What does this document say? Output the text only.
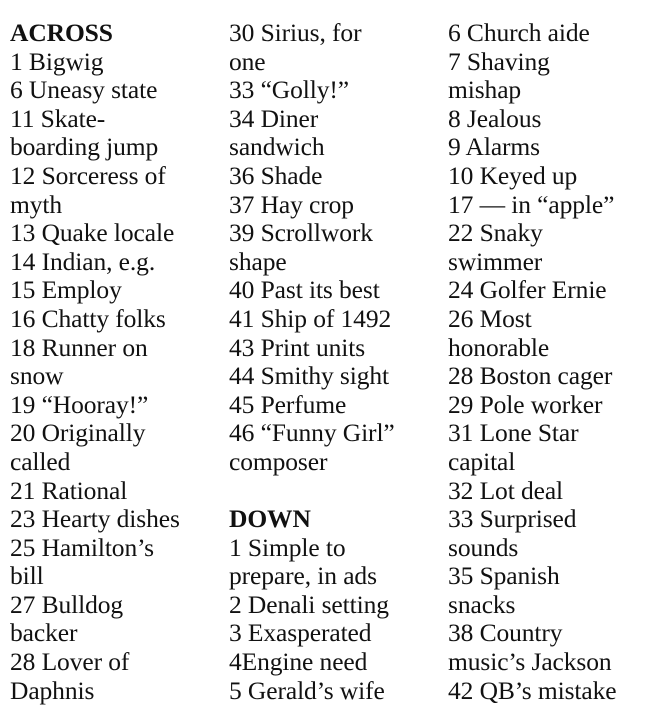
ACROSS
1 Bigwig
6 Uneasy state
11 Skate-
boarding jump
12 Sorceress of
myth
13 Quake locale
14 Indian, e.g.
15 Employ
16 Chatty folks
18 Runner on
snow
19 “Hooray!”
20 Originally
called
21 Rational
23 Hearty dishes
25 Hamilton’s
bill
27 Bulldog
backer
28 Lover of
Daphnis
30 Sirius, for
one
33 “Golly!”
34 Diner
sandwich
36 Shade
37 Hay crop
39 Scrollwork
shape
40 Past its best
41 Ship of 1492
43 Print units
44 Smithy sight
45 Perfume
46 “Funny Girl”
composer
DOWN
1 Simple to
prepare, in ads
2 Denali setting
3 Exasperated
4Engine need
5 Gerald’s wife
6 Church aide
7 Shaving
mishap
8 Jealous
9 Alarms
10 Keyed up
17 — in “apple”
22 Snaky
swimmer
24 Golfer Ernie
26 Most
honorable
28 Boston cager
29 Pole worker
31 Lone Star
capital
32 Lot deal
33 Surprised
sounds
35 Spanish
snacks
38 Country
music’s Jackson
42 QB’s mistake
